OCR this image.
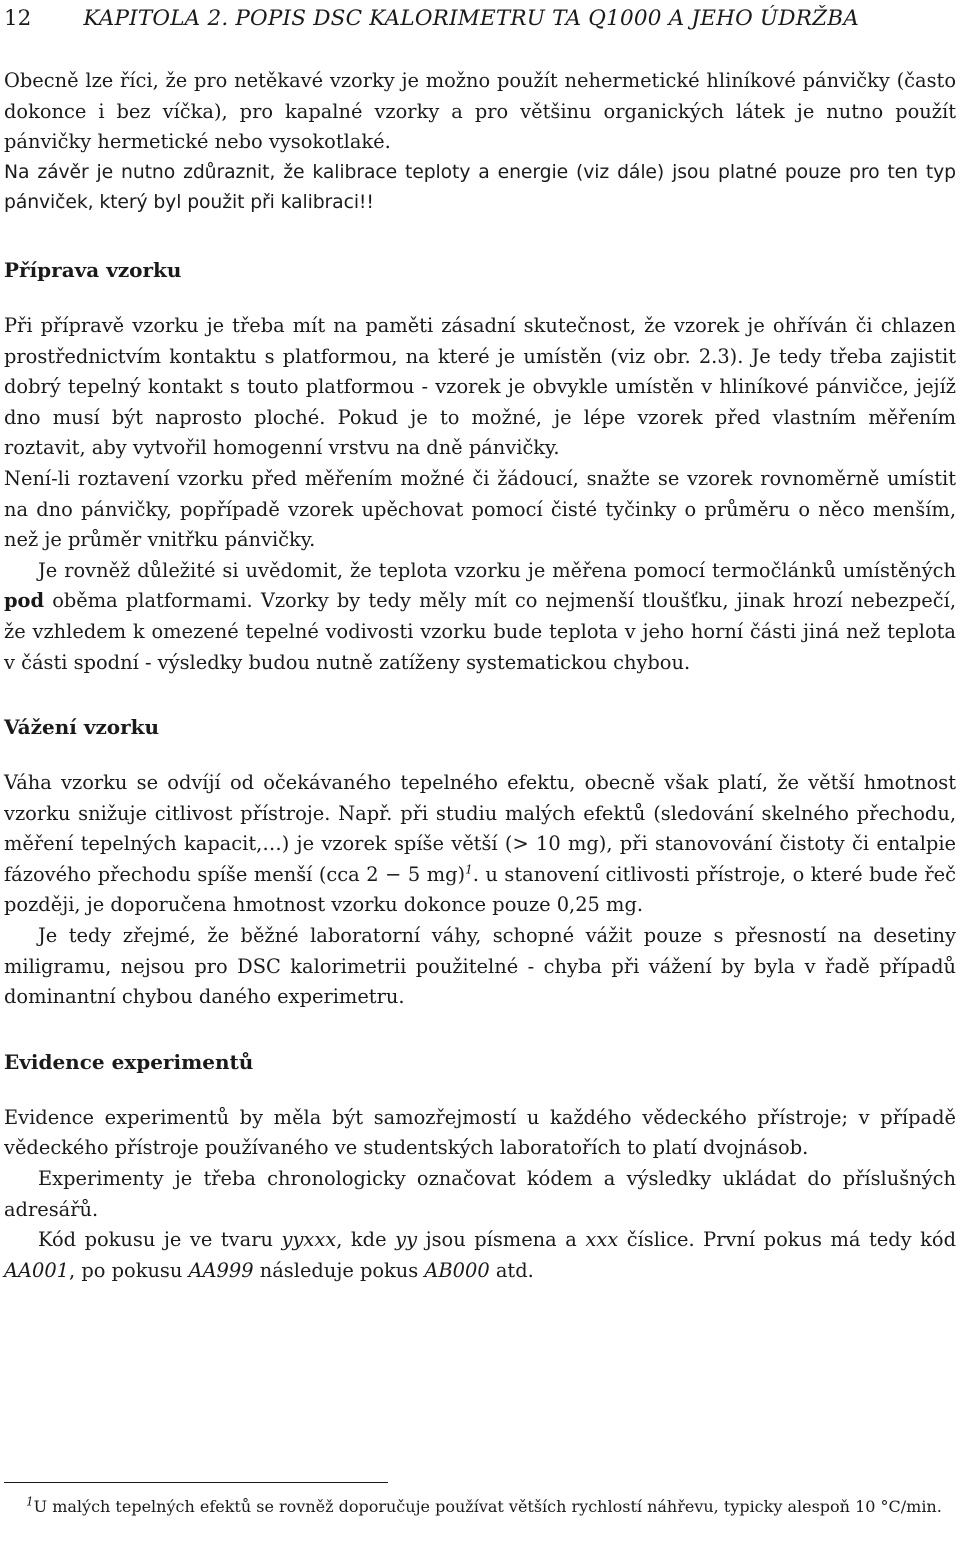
12 KAPITOLA 2. POPIS DSC KALORIMETRU TA Q1000 A JEHO ÚDRŽBA

Obecně lze říci, že pro netěkavé vzorky je možno použít nehermetické hliníkové pánvičky (často dokonce i bez víčka), pro kapalné vzorky a pro většinu organických látek je nutno použít pánvičky hermetické nebo vysokotlaké.

Na závěr je nutno zdůraznit, že kalibrace teploty a energie (viz dále) jsou platné pouze pro ten typ pánviček, který byl použit při kalibraci!!

Příprava vzorku

Při přípravě vzorku je třeba mít na paměti zásadní skutečnost, že vzorek je ohříván či chlazen prostřednictvím kontaktu s platformou, na které je umístěn (viz obr. 2.3). Je tedy třeba zajistit dobrý tepelný kontakt s touto platformou - vzorek je obvykle umístěn v hliníkové pánvičce, jejíž dno musí být naprosto ploché. Pokud je to možné, je lépe vzorek před vlastním měřením roztavit, aby vytvořil homogenní vrstvu na dně pánvičky.

Není-li roztavení vzorku před měřením možné či žádoucí, snažte se vzorek rovnoměrně umístit na dno pánvičky, popřípadě vzorek upěchovat pomocí čisté tyčinky o průměru o něco menším, než je průměr vnitřku pánvičky.

Je rovněž důležité si uvědomit, že teplota vzorku je měřena pomocí termočlánků umístěných pod oběma platformami. Vzorky by tedy měly mít co nejmenší tloušťku, jinak hrozí nebezpečí, že vzhledem k omezené tepelné vodivosti vzorku bude teplota v jeho horní části jiná než teplota v části spodní - výsledky budou nutně zatíženy systematickou chybou.

Vážení vzorku

Váha vzorku se odvíjí od očekávaného tepelného efektu, obecně však platí, že větší hmotnost vzorku snižuje citlivost přístroje. Např. při studiu malých efektů (sledování skelného přechodu, měření tepelných kapacit,…) je vzorek spíše větší (> 10 mg), při stanovování čistoty či entalpie fázového přechodu spíše menší (cca 2 − 5 mg)$^1$. u stanovení citlivosti přístroje, o které bude řeč později, je doporučena hmotnost vzorku dokonce pouze 0,25 mg.

Je tedy zřejmé, že běžné laboratorní váhy, schopné vážit pouze s přesností na desetiny miligramu, nejsou pro DSC kalorimetrii použitelné - chyba při vážení by byla v řadě případů dominantní chybou daného experimetru.

Evidence experimentů

Evidence experimentů by měla být samozřejmostí u každého vědeckého přístroje; v případě vědeckého přístroje používaného ve studentských laboratořích to platí dvojnásob.

Experimenty je třeba chronologicky označovat kódem a výsledky ukládat do příslušných adresářů.

Kód pokusu je ve tvaru yyxxx, kde yy jsou písmena a xxx číslice. První pokus má tedy kód AA001, po pokusu AA999 následuje pokus AB000 atd.

$^1$U malých tepelných efektů se rovněž doporučuje používat větších rychlostí náhřevu, typicky alespoň 10 °C/min.
